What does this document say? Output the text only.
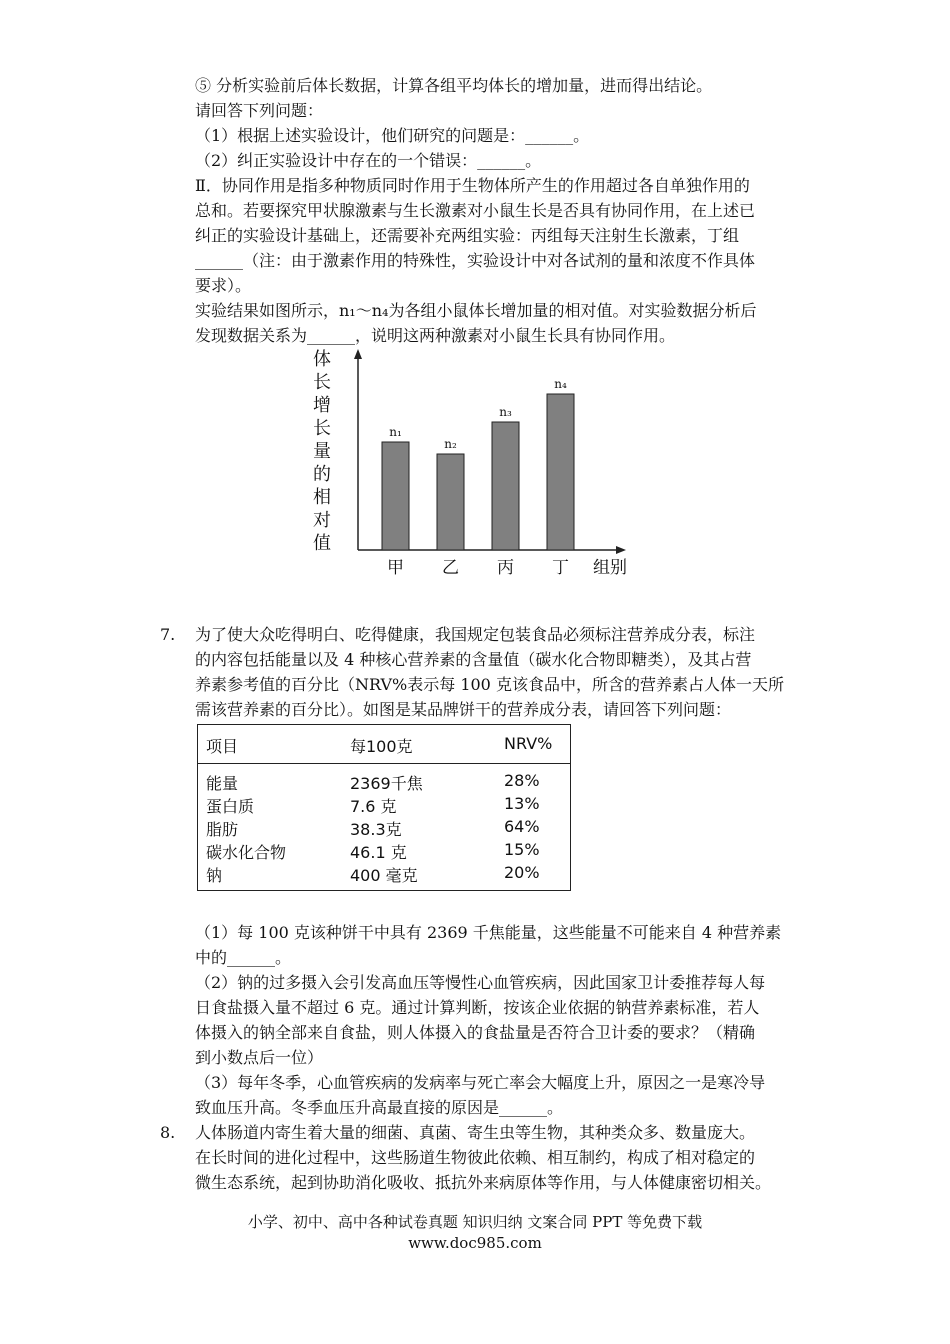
⑤ 分析实验前后体长数据，计算各组平均体长的增加量，进而得出结论。
请回答下列问题：
（1）根据上述实验设计，他们研究的问题是：______。
（2）纠正实验设计中存在的一个错误：______。
Ⅱ．协同作用是指多种物质同时作用于生物体所产生的作用超过各自单独作用的
总和。若要探究甲状腺激素与生长激素对小鼠生长是否具有协同作用，在上述已
纠正的实验设计基础上，还需要补充两组实验：丙组每天注射生长激素，丁组
______（注：由于激素作用的特殊性，实验设计中对各试剂的量和浓度不作具体
要求）。
实验结果如图所示，n₁～n₄为各组小鼠体长增加量的相对值。对实验数据分析后
发现数据关系为______，说明这两种激素对小鼠生长具有协同作用。
体
长
增
长
量
的
相
对
值
n₁
甲
n₂
乙
n₃
丙
n₄
丁 组别
7. 为了使大众吃得明白、吃得健康，我国规定包装食品必须标注营养成分表，标注
的内容包括能量以及 4 种核心营养素的含量值（碳水化合物即糖类），及其占营
养素参考值的百分比（NRV%表示每 100 克该食品中，所含的营养素占人体一天所
需该营养素的百分比）。如图是某品牌饼干的营养成分表，请回答下列问题：
项目	每100克	NRV%
能量	2369千焦	28%
蛋白质	7.6 克	13%
脂肪	38.3克	64%
碳水化合物	46.1 克	15%
钠	400 毫克	20%
（1）每 100 克该种饼干中具有 2369 千焦能量，这些能量不可能来自 4 种营养素
中的______。
（2）钠的过多摄入会引发高血压等慢性心血管疾病，因此国家卫计委推荐每人每
日食盐摄入量不超过 6 克。通过计算判断，按该企业依据的钠营养素标准，若人
体摄入的钠全部来自食盐，则人体摄入的食盐量是否符合卫计委的要求？（精确
到小数点后一位）
（3）每年冬季，心血管疾病的发病率与死亡率会大幅度上升，原因之一是寒冷导
致血压升高。冬季血压升高最直接的原因是______。
8. 人体肠道内寄生着大量的细菌、真菌、寄生虫等生物，其种类众多、数量庞大。
在长时间的进化过程中，这些肠道生物彼此依赖、相互制约，构成了相对稳定的
微生态系统，起到协助消化吸收、抵抗外来病原体等作用，与人体健康密切相关。
小学、初中、高中各种试卷真题 知识归纳 文案合同 PPT 等免费下载
www.doc985.com
